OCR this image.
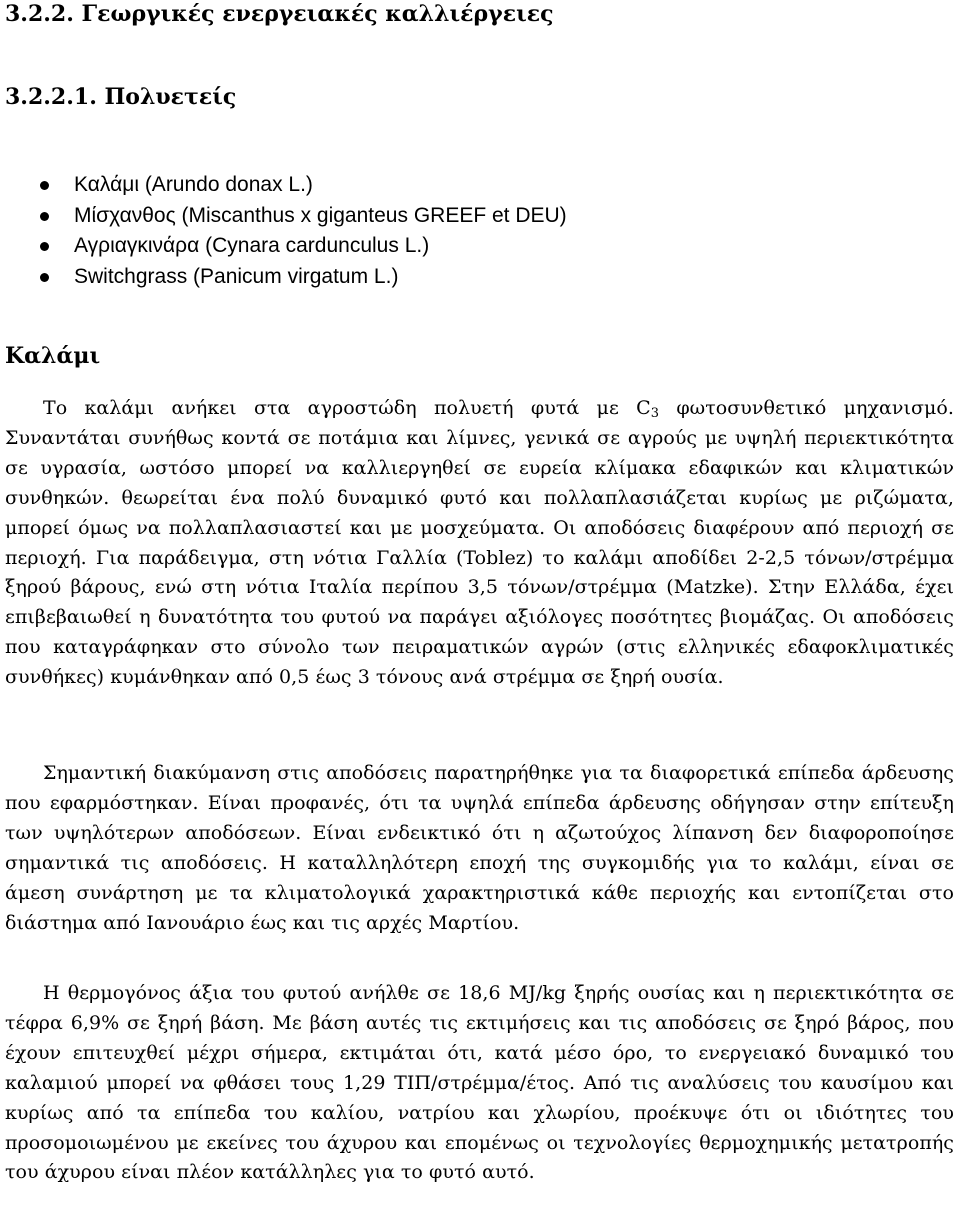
3.2.2. Γεωργικές ενεργειακές καλλιέργειες
3.2.2.1. Πολυετείς
Καλάμι (Arundo donax L.)
Μίσχανθος (Miscanthus x giganteus GREEF et DEU)
Αγριαγκινάρα (Cynara cardunculus L.)
Switchgrass (Panicum virgatum L.)
Καλάμι

Το καλάμι ανήκει στα αγροστώδη πολυετή φυτά με $C_3$ φωτοσυνθετικό μηχανισμό. Συναντάται συνήθως κοντά σε ποτάμια και λίμνες, γενικά σε αγρούς με υψηλή περιεκτικότητα σε υγρασία, ωστόσο μπορεί να καλλιεργηθεί σε ευρεία κλίμακα εδαφικών και κλιματικών συνθηκών. θεωρείται ένα πολύ δυναμικό φυτό και πολλαπλασιάζεται κυρίως με ριζώματα, μπορεί όμως να πολλαπλασιαστεί και με μοσχεύματα. Οι αποδόσεις διαφέρουν από περιοχή σε περιοχή. Για παράδειγμα, στη νότια Γαλλία (Toblez) το καλάμι αποδίδει 2-2,5 τόνων/στρέμμα ξηρού βάρους, ενώ στη νότια Ιταλία περίπου 3,5 τόνων/στρέμμα (Matzke). Στην Ελλάδα, έχει επιβεβαιωθεί η δυνατότητα του φυτού να παράγει αξιόλογες ποσότητες βιομάζας. Οι αποδόσεις που καταγράφηκαν στο σύνολο των πειραματικών αγρών (στις ελληνικές εδαφοκλιματικές συνθήκες) κυμάνθηκαν από 0,5 έως 3 τόνους ανά στρέμμα σε ξηρή ουσία.

Σημαντική διακύμανση στις αποδόσεις παρατηρήθηκε για τα διαφορετικά επίπεδα άρδευσης που εφαρμόστηκαν. Είναι προφανές, ότι τα υψηλά επίπεδα άρδευσης οδήγησαν στην επίτευξη των υψηλότερων αποδόσεων. Είναι ενδεικτικό ότι η αζωτούχος λίπανση δεν διαφοροποίησε σημαντικά τις αποδόσεις. Η καταλληλότερη εποχή της συγκομιδής για το καλάμι, είναι σε άμεση συνάρτηση με τα κλιματολογικά χαρακτηριστικά κάθε περιοχής και εντοπίζεται στο διάστημα από Ιανουάριο έως και τις αρχές Μαρτίου.

Η θερμογόνος άξια του φυτού ανήλθε σε 18,6 MJ/kg ξηρής ουσίας και η περιεκτικότητα σε τέφρα 6,9% σε ξηρή βάση. Με βάση αυτές τις εκτιμήσεις και τις αποδόσεις σε ξηρό βάρος, που έχουν επιτευχθεί μέχρι σήμερα, εκτιμάται ότι, κατά μέσο όρο, το ενεργειακό δυναμικό του καλαμιού μπορεί να φθάσει τους 1,29 ΤΙΠ/στρέμμα/έτος. Από τις αναλύσεις του καυσίμου και κυρίως από τα επίπεδα του καλίου, νατρίου και χλωρίου, προέκυψε ότι οι ιδιότητες του προσομοιωμένου με εκείνες του άχυρου και επομένως οι τεχνολογίες θερμοχημικής μετατροπής του άχυρου είναι πλέον κατάλληλες για το φυτό αυτό.
